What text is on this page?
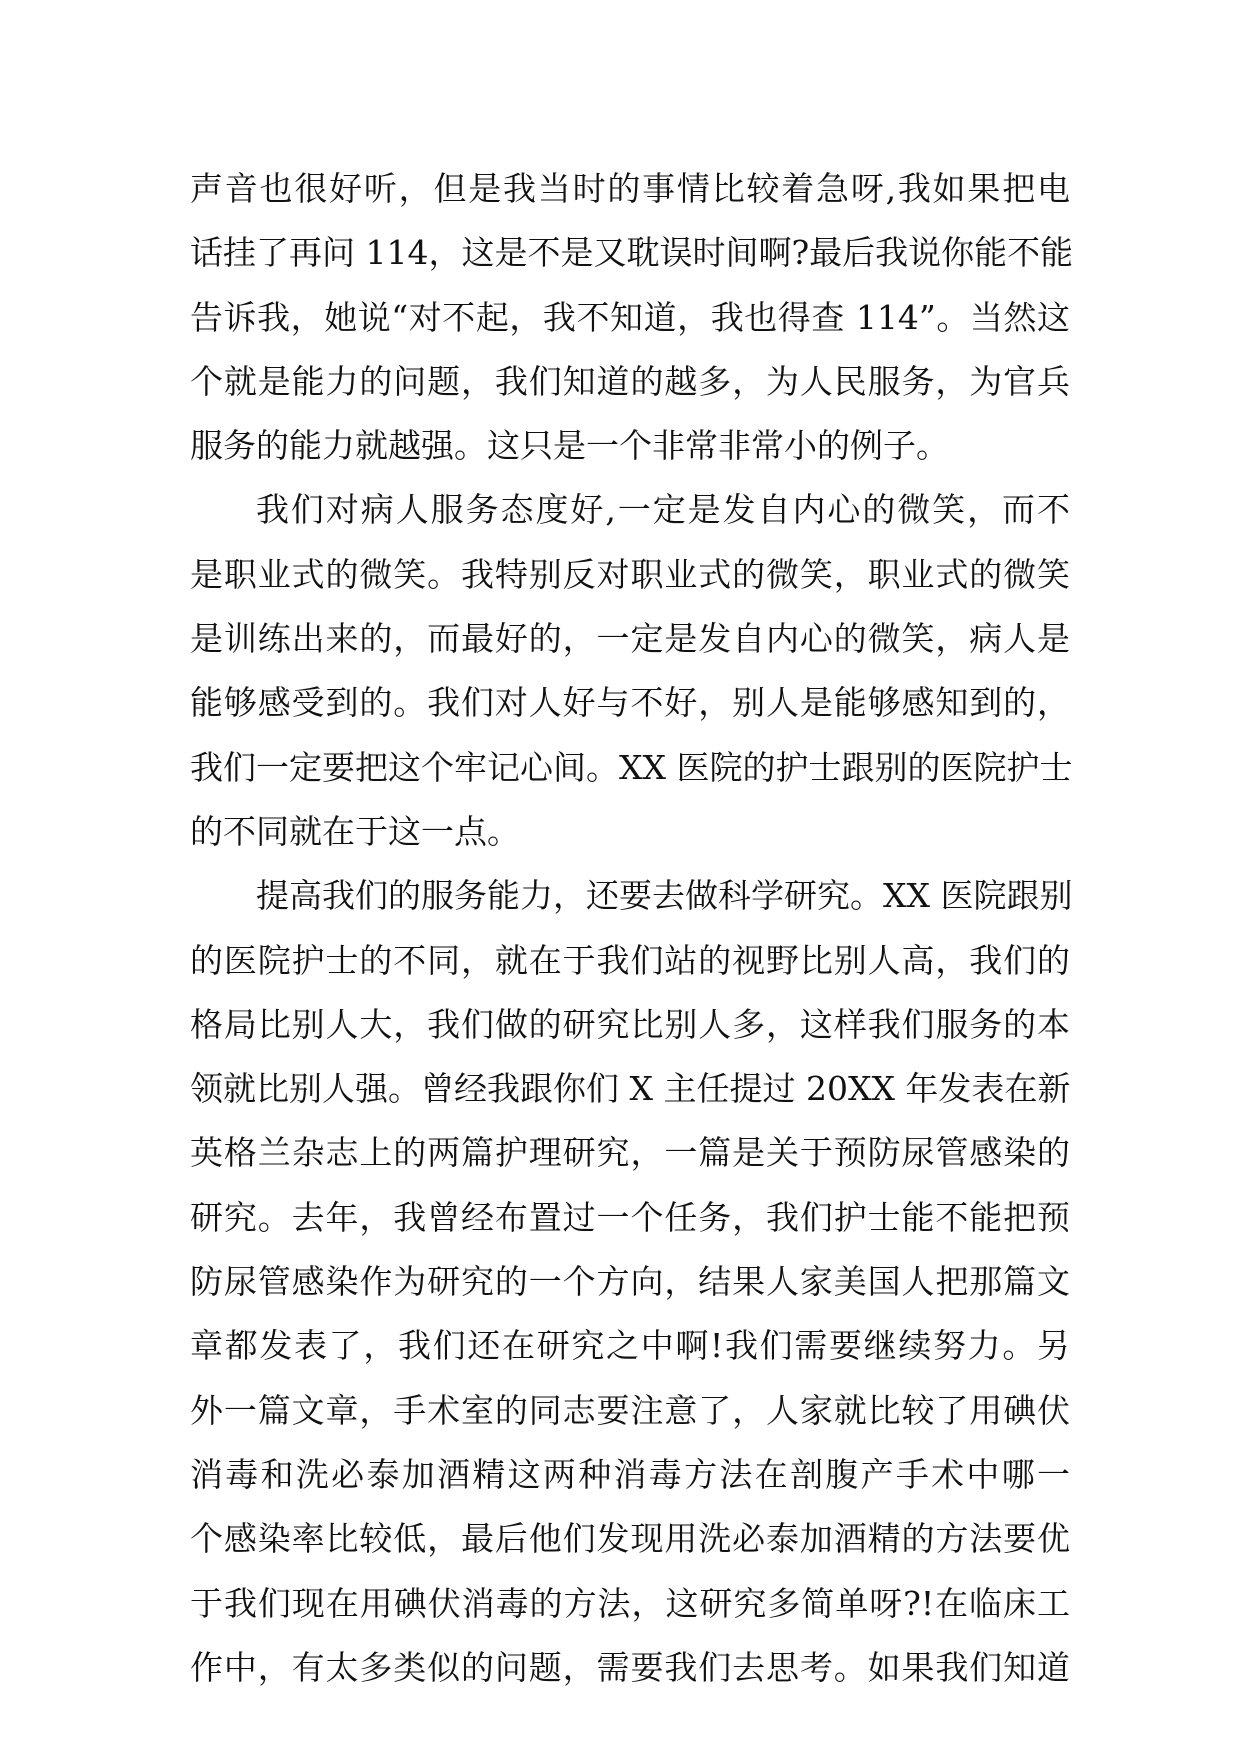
声音也很好听，但是我当时的事情比较着急呀,我如果把电
话挂了再问 114，这是不是又耽误时间啊?最后我说你能不能
告诉我，她说“对不起，我不知道，我也得查 114”。当然这
个就是能力的问题，我们知道的越多，为人民服务，为官兵
服务的能力就越强。这只是一个非常非常小的例子。
我们对病人服务态度好,一定是发自内心的微笑，而不
是职业式的微笑。我特别反对职业式的微笑，职业式的微笑
是训练出来的，而最好的，一定是发自内心的微笑，病人是
能够感受到的。我们对人好与不好，别人是能够感知到的，
我们一定要把这个牢记心间。XX 医院的护士跟别的医院护士
的不同就在于这一点。
提高我们的服务能力，还要去做科学研究。XX 医院跟别
的医院护士的不同，就在于我们站的视野比别人高，我们的
格局比别人大，我们做的研究比别人多，这样我们服务的本
领就比别人强。曾经我跟你们 X 主任提过 20XX 年发表在新
英格兰杂志上的两篇护理研究，一篇是关于预防尿管感染的
研究。去年，我曾经布置过一个任务，我们护士能不能把预
防尿管感染作为研究的一个方向，结果人家美国人把那篇文
章都发表了，我们还在研究之中啊!我们需要继续努力。另
外一篇文章，手术室的同志要注意了，人家就比较了用碘伏
消毒和洗必泰加酒精这两种消毒方法在剖腹产手术中哪一
个感染率比较低，最后他们发现用洗必泰加酒精的方法要优
于我们现在用碘伏消毒的方法，这研究多简单呀?!在临床工
作中，有太多类似的问题，需要我们去思考。如果我们知道
